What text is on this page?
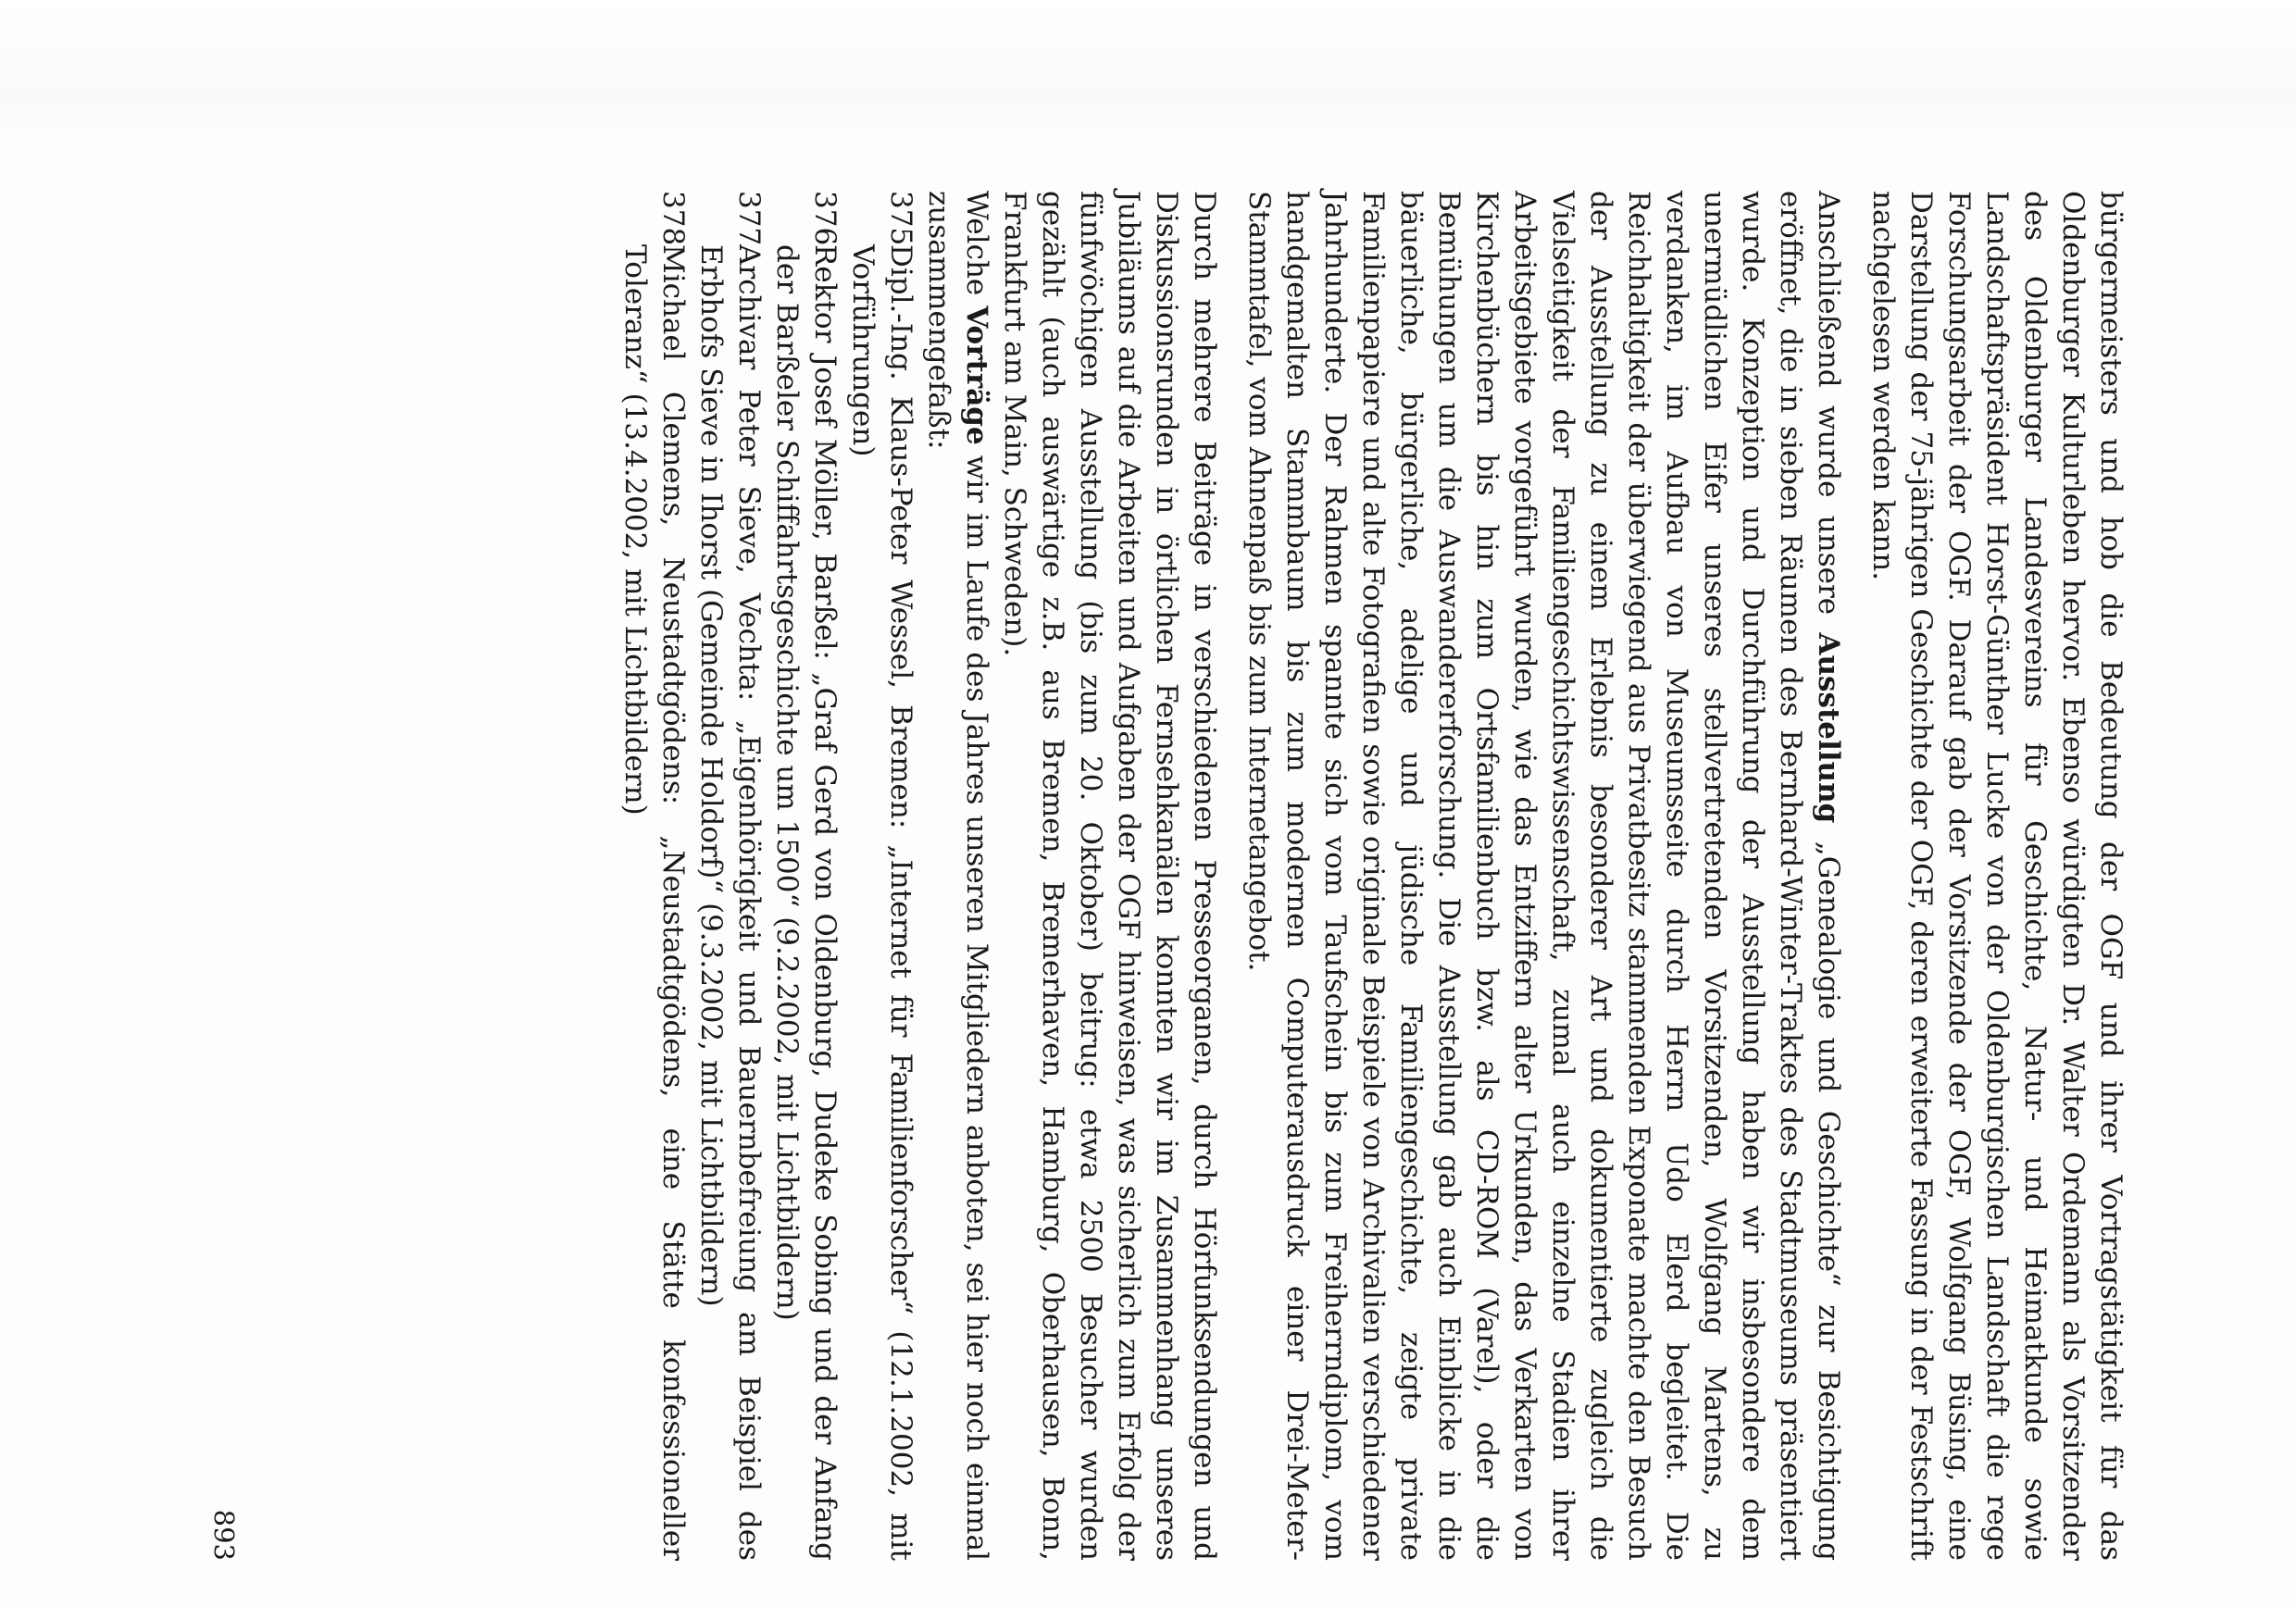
bürgermeisters und hob die Bedeutung der OGF und ihrer Vortragstätigkeit für das Oldenburger Kulturleben hervor. Ebenso würdigten Dr. Walter Ordemann als Vorsitzender des Oldenburger Landesvereins für Geschichte, Natur- und Heimatkunde sowie Landschaftspräsident Horst-Günther Lucke von der Oldenburgischen Landschaft die rege Forschungsarbeit der OGF. Darauf gab der Vorsitzende der OGF, Wolfgang Büsing, eine Darstellung der 75-jährigen Geschichte der OGF, deren erweiterte Fassung in der Festschrift nachgelesen werden kann.

Anschließend wurde unsere Ausstellung „Genealogie und Geschichte“ zur Besichtigung eröffnet, die in sieben Räumen des Bernhard-Winter-Traktes des Stadtmuseums präsentiert wurde. Konzeption und Durchführung der Ausstellung haben wir insbesondere dem unermüdlichen Eifer unseres stellvertretenden Vorsitzenden, Wolfgang Martens, zu verdanken, im Aufbau von Museumsseite durch Herrn Udo Elerd begleitet. Die Reichhaltigkeit der überwiegend aus Privatbesitz stammenden Exponate machte den Besuch der Ausstellung zu einem Erlebnis besonderer Art und dokumentierte zugleich die Vielseitigkeit der Familiengeschichtswissenschaft, zumal auch einzelne Stadien ihrer Arbeitsgebiete vorgeführt wurden, wie das Entziffern alter Urkunden, das Verkarten von Kirchenbüchern bis hin zum Ortsfamilienbuch bzw. als CD-ROM (Varel), oder die Bemühungen um die Auswandererforschung. Die Ausstellung gab auch Einblicke in die bäuerliche, bürgerliche, adelige und jüdische Familiengeschichte, zeigte private Familienpapiere und alte Fotografien sowie originale Beispiele von Archivalien verschiedener Jahrhunderte. Der Rahmen spannte sich vom Taufschein bis zum Freiherrndiplom, vom handgemalten Stammbaum bis zum modernen Computerausdruck einer Drei-Meter-Stammtafel, vom Ahnenpaß bis zum Internetangebot.

Durch mehrere Beiträge in verschiedenen Presseorganen, durch Hörfunksendungen und Diskussionsrunden in örtlichen Fernsehkanälen konnten wir im Zusammenhang unseres Jubiläums auf die Arbeiten und Aufgaben der OGF hinweisen, was sicherlich zum Erfolg der fünfwöchigen Ausstellung (bis zum 20. Oktober) beitrug: etwa 2500 Besucher wurden gezählt (auch auswärtige z.B. aus Bremen, Bremerhaven, Hamburg, Oberhausen, Bonn, Frankfurt am Main, Schweden).

Welche Vorträge wir im Laufe des Jahres unseren Mitgliedern anboten, sei hier noch einmal zusammengefaßt:

375
Dipl.-Ing. Klaus-Peter Wessel, Bremen: „Internet für Familienforscher“ (12.1.2002, mit Vorführungen)
376
Rektor Josef Möller, Barßel: „Graf Gerd von Oldenburg, Dudeke Sobing und der Anfang der Barßeler Schiffahrtsgeschichte um 1500“ (9.2.2002, mit Lichtbildern)
377
Archivar Peter Sieve, Vechta: „Eigenhörigkeit und Bauernbefreiung am Beispiel des Erbhofs Sieve in Ihorst (Gemeinde Holdorf)“ (9.3.2002, mit Lichtbildern)
378
Michael Clemens, Neustadtgödens: „Neustadtgödens, eine Stätte konfessioneller Toleranz“ (13.4.2002, mit Lichtbildern)
893
